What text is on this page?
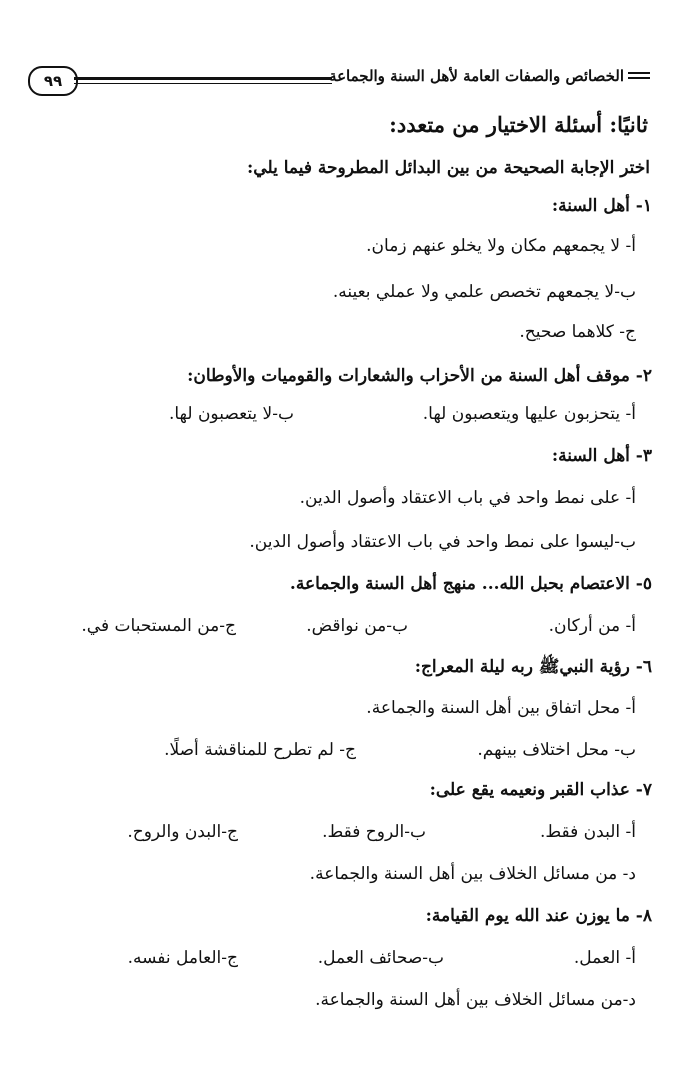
٩٩	الخصائص والصفات العامة لأهل السنة والجماعة
ثانيًا: أسئلة الاختيار من متعدد:
اختر الإجابة الصحيحة من بين البدائل المطروحة فيما يلي:
١- أهل السنة:
أ- لا يجمعهم مكان ولا يخلو عنهم زمان.
ب-لا يجمعهم تخصص علمي ولا عملي بعينه.
ج- كلاهما صحيح.
٢- موقف أهل السنة من الأحزاب والشعارات والقوميات والأوطان:
أ- يتحزبون عليها ويتعصبون لها.
ب-لا يتعصبون لها.
٣- أهل السنة:
أ- على نمط واحد في باب الاعتقاد وأصول الدين.
ب-ليسوا على نمط واحد في باب الاعتقاد وأصول الدين.
٥- الاعتصام بحبل الله... منهج أهل السنة والجماعة.
أ- من أركان.
ب-من نواقض.
ج-من المستحبات في.
٦- رؤية النبيﷺ ربه ليلة المعراج:
أ- محل اتفاق بين أهل السنة والجماعة.
ب- محل اختلاف بينهم.
ج- لم تطرح للمناقشة أصلًا.
٧- عذاب القبر ونعيمه يقع على:
أ- البدن فقط.
ب-الروح فقط.
ج-البدن والروح.
د- من مسائل الخلاف بين أهل السنة والجماعة.
٨- ما يوزن عند الله يوم القيامة:
أ- العمل.
ب-صحائف العمل.
ج-العامل نفسه.
د-من مسائل الخلاف بين أهل السنة والجماعة.
